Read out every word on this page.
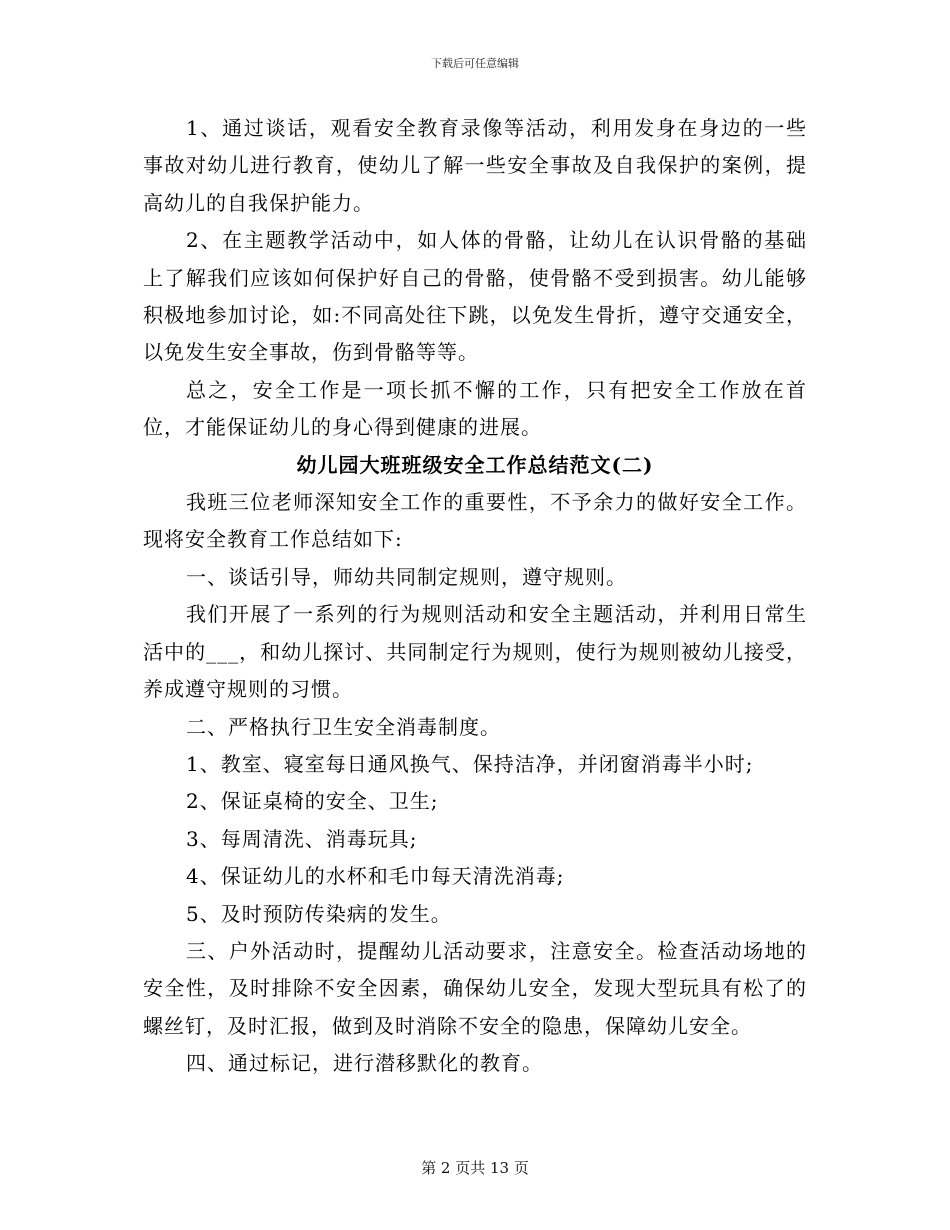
下载后可任意编辑

1、通过谈话，观看安全教育录像等活动，利用发身在身边的一些事故对幼儿进行教育，使幼儿了解一些安全事故及自我保护的案例，提高幼儿的自我保护能力。

2、在主题教学活动中，如人体的骨骼，让幼儿在认识骨骼的基础上了解我们应该如何保护好自己的骨骼，使骨骼不受到损害。幼儿能够积极地参加讨论，如:不同高处往下跳，以免发生骨折，遵守交通安全，以免发生安全事故，伤到骨骼等等。

总之，安全工作是一项长抓不懈的工作，只有把安全工作放在首位，才能保证幼儿的身心得到健康的进展。

幼儿园大班班级安全工作总结范文(二)

我班三位老师深知安全工作的重要性，不予余力的做好安全工作。现将安全教育工作总结如下:

一、谈话引导，师幼共同制定规则，遵守规则。

我们开展了一系列的行为规则活动和安全主题活动，并利用日常生活中的___，和幼儿探讨、共同制定行为规则，使行为规则被幼儿接受，养成遵守规则的习惯。

二、严格执行卫生安全消毒制度。

1、教室、寝室每日通风换气、保持洁净，并闭窗消毒半小时;

2、保证桌椅的安全、卫生;

3、每周清洗、消毒玩具;

4、保证幼儿的水杯和毛巾每天清洗消毒;

5、及时预防传染病的发生。

三、户外活动时，提醒幼儿活动要求，注意安全。检查活动场地的安全性，及时排除不安全因素，确保幼儿安全，发现大型玩具有松了的螺丝钉，及时汇报，做到及时消除不安全的隐患，保障幼儿安全。

四、通过标记，进行潜移默化的教育。

第 2 页共 13 页
